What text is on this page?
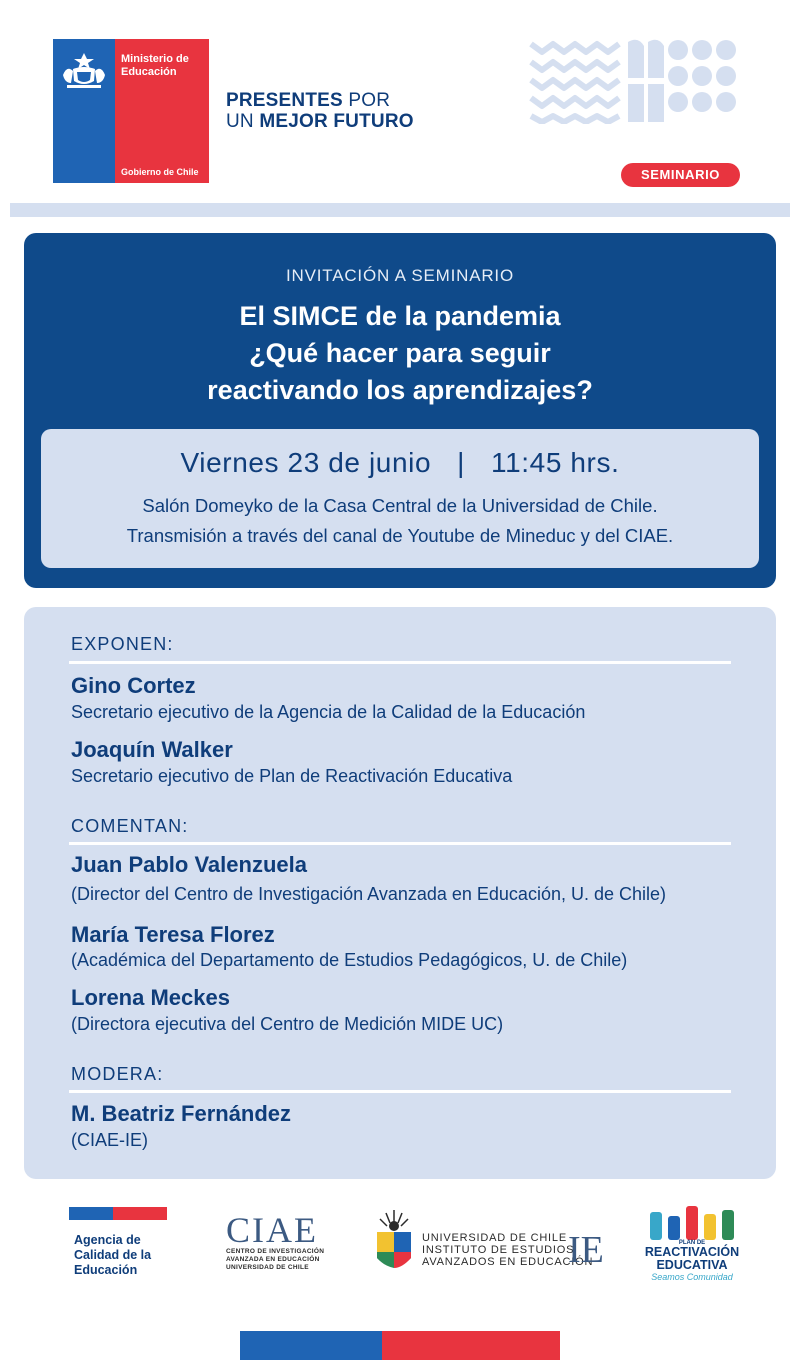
Ministerio de
Educación
Gobierno de Chile
PRESENTES POR
UN MEJOR FUTURO
SEMINARIO
INVITACIÓN A SEMINARIO
El SIMCE de la pandemia
¿Qué hacer para seguir
reactivando los aprendizajes?
Viernes 23 de junio | 11:45 hrs.
Salón Domeyko de la Casa Central de la Universidad de Chile.
Transmisión a través del canal de Youtube de Mineduc y del CIAE.
EXPONEN:
Gino Cortez
Secretario ejecutivo de la Agencia de la Calidad de la Educación
Joaquín Walker
Secretario ejecutivo de Plan de Reactivación Educativa
COMENTAN:
Juan Pablo Valenzuela
(Director del Centro de Investigación Avanzada en Educación, U. de Chile)
María Teresa Florez
(Académica del Departamento de Estudios Pedagógicos, U. de Chile)
Lorena Meckes
(Directora ejecutiva del Centro de Medición MIDE UC)
MODERA:
M. Beatriz Fernández
(CIAE-IE)
Agencia de
Calidad de la
Educación
CIAE
CENTRO DE INVESTIGACIÓN
AVANZADA EN EDUCACIÓN
UNIVERSIDAD DE CHILE
UNIVERSIDAD DE CHILE
INSTITUTO DE ESTUDIOS
AVANZADOS EN EDUCACIÓN
IE	PLAN DE
REACTIVACIÓN
EDUCATIVA
Seamos Comunidad
